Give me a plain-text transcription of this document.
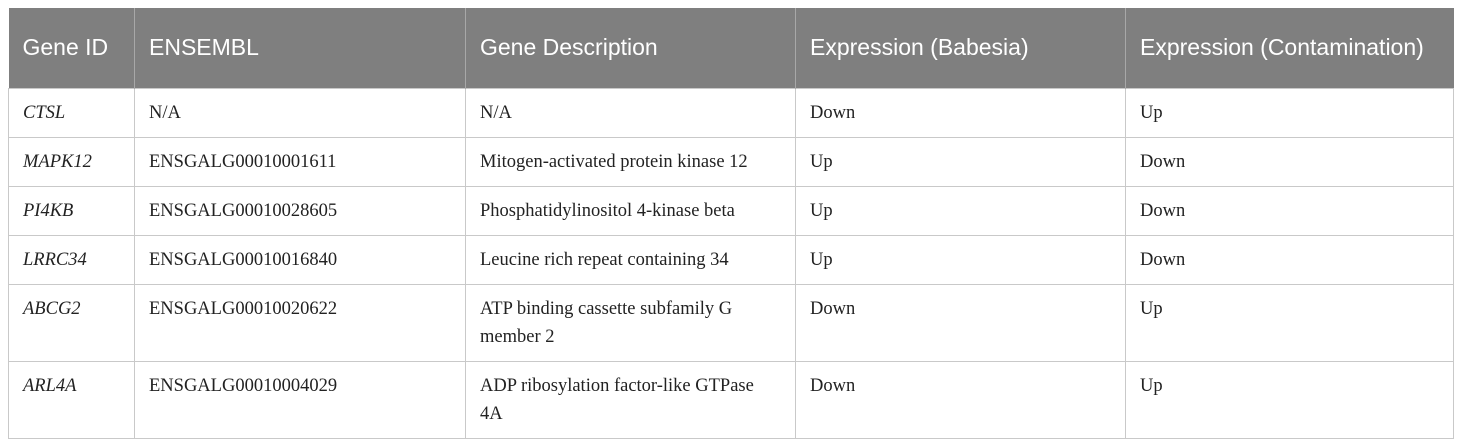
Gene ID	ENSEMBL	Gene Description	Expression (Babesia)	Expression (Contamination)
CTSL	N/A	N/A	Down	Up
MAPK12	ENSGALG00010001611	Mitogen-activated protein kinase 12	Up	Down
PI4KB	ENSGALG00010028605	Phosphatidylinositol 4-kinase beta	Up	Down
LRRC34	ENSGALG00010016840	Leucine rich repeat containing 34	Up	Down
ABCG2	ENSGALG00010020622	ATP binding cassette subfamily G member 2	Down	Up
ARL4A	ENSGALG00010004029	ADP ribosylation factor-like GTPase 4A	Down	Up
